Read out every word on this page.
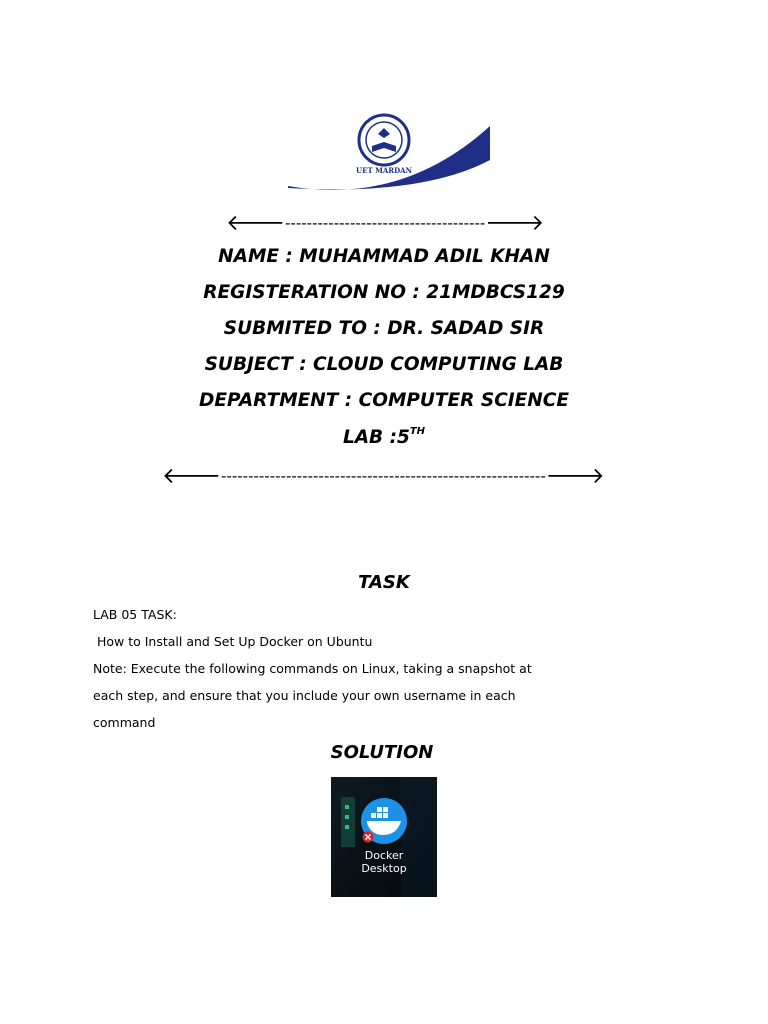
UET MARDAN
🡐-------------------------------------🡒
NAME : MUHAMMAD ADIL KHAN
REGISTERATION NO : 21MDBCS129
SUBMITED TO : DR. SADAD SIR
SUBJECT : CLOUD COMPUTING LAB
DEPARTMENT : COMPUTER SCIENCE
LAB :5TH
🡐------------------------------------------------------------🡒
TASK
LAB 05 TASK:
How to Install and Set Up Docker on Ubuntu
Note: Execute the following commands on Linux, taking a snapshot at
each step, and ensure that you include your own username in each
command
SOLUTION
Docker
Desktop
